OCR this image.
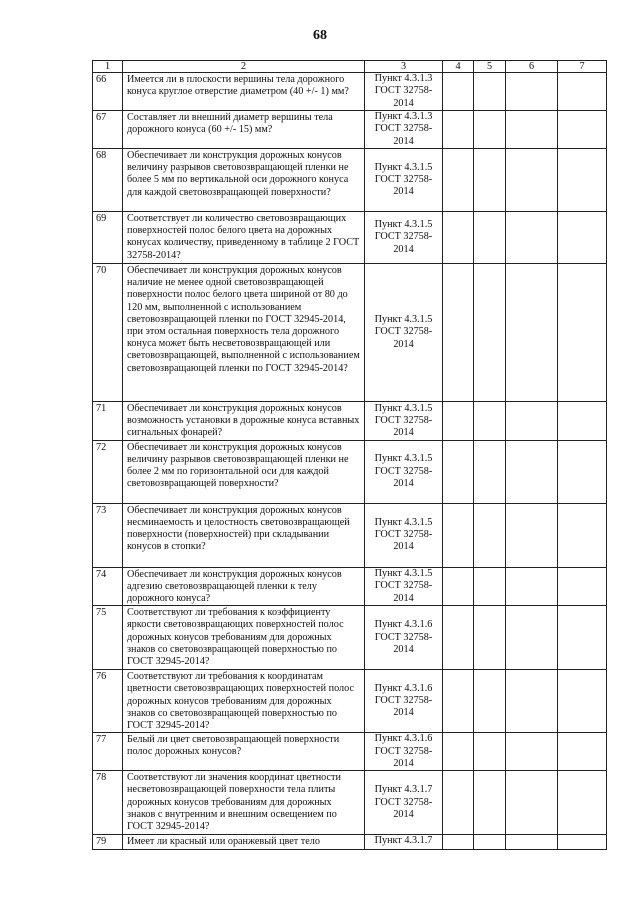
68
1	2	3	4	5	6	7
66	Имеется ли в плоскости вершины тела дорожного конуса круглое отверстие диаметром (40 +/- 1) мм?	Пункт 4.3.1.3 ГОСТ 32758-2014				
67	Составляет ли внешний диаметр вершины тела дорожного конуса (60 +/- 15) мм?	Пункт 4.3.1.3 ГОСТ 32758-2014				
68	Обеспечивает ли конструкция дорожных конусов величину разрывов световозвращающей пленки не более 5 мм по вертикальной оси дорожного конуса для каждой световозвращающей поверхности?	Пункт 4.3.1.5 ГОСТ 32758-2014				
69	Соответствует ли количество световозвращающих поверхностей полос белого цвета на дорожных конусах количеству, приведенному в таблице 2 ГОСТ 32758-2014?	Пункт 4.3.1.5 ГОСТ 32758-2014				
70	Обеспечивает ли конструкция дорожных конусов наличие не менее одной световозвращающей поверхности полос белого цвета шириной от 80 до 120 мм, выполненной с использованием световозвращающей пленки по ГОСТ 32945-2014, при этом остальная поверхность тела дорожного конуса может быть несветовозвращающей или световозвращающей, выполненной с использованием световозвращающей пленки по ГОСТ 32945-2014?	Пункт 4.3.1.5 ГОСТ 32758-2014				
71	Обеспечивает ли конструкция дорожных конусов возможность установки в дорожные конуса вставных сигнальных фонарей?	Пункт 4.3.1.5 ГОСТ 32758-2014				
72	Обеспечивает ли конструкция дорожных конусов величину разрывов световозвращающей пленки не более 2 мм по горизонтальной оси для каждой световозвращающей поверхности?	Пункт 4.3.1.5 ГОСТ 32758-2014				
73	Обеспечивает ли конструкция дорожных конусов несминаемость и целостность световозвращающей поверхности (поверхностей) при складывании конусов в стопки?	Пункт 4.3.1.5 ГОСТ 32758-2014				
74	Обеспечивает ли конструкция дорожных конусов адгезию световозвращающей пленки к телу дорожного конуса?	Пункт 4.3.1.5 ГОСТ 32758-2014				
75	Соответствуют ли требования к коэффициенту яркости световозвращающих поверхностей полос дорожных конусов требованиям для дорожных знаков со световозвращающей поверхностью по ГОСТ 32945-2014?	Пункт 4.3.1.6 ГОСТ 32758-2014				
76	Соответствуют ли требования к координатам цветности световозвращающих поверхностей полос дорожных конусов требованиям для дорожных знаков со световозвращающей поверхностью по ГОСТ 32945-2014?	Пункт 4.3.1.6 ГОСТ 32758-2014				
77	Белый ли цвет световозвращающей поверхности полос дорожных конусов?	Пункт 4.3.1.6 ГОСТ 32758-2014				
78	Соответствуют ли значения координат цветности несветовозвращающей поверхности тела плиты дорожных конусов требованиям для дорожных знаков с внутренним и внешним освещением по ГОСТ 32945-2014?	Пункт 4.3.1.7 ГОСТ 32758-2014				
79	Имеет ли красный или оранжевый цвет тело	Пункт 4.3.1.7				
